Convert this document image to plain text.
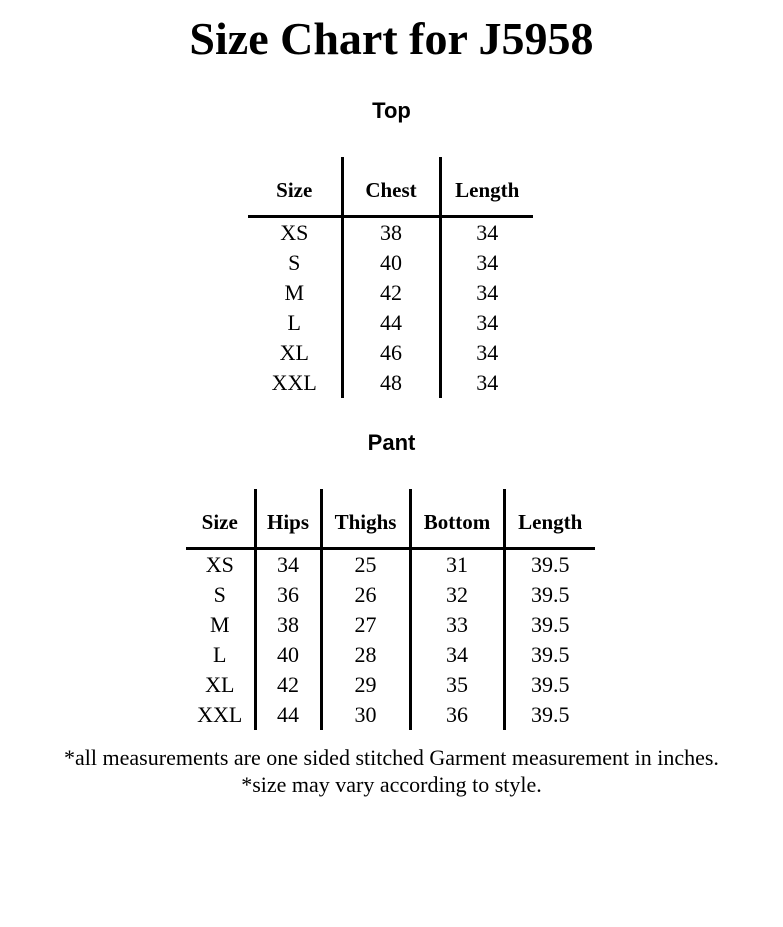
Size Chart for J5958
Top
Size	Chest	Length
XS	38	34
S	40	34
M	42	34
L	44	34
XL	46	34
XXL	48	34
Pant
Size	Hips	Thighs	Bottom	Length
XS	34	25	31	39.5
S	36	26	32	39.5
M	38	27	33	39.5
L	40	28	34	39.5
XL	42	29	35	39.5
XXL	44	30	36	39.5

*all measurements are one sided stitched Garment measurement in inches.

*size may vary according to style.
